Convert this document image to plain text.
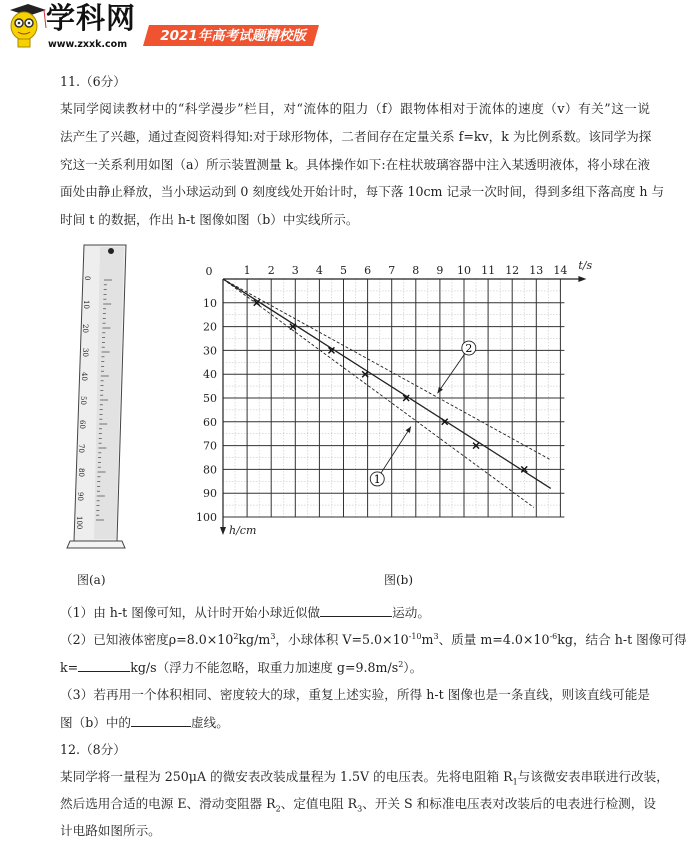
学科网
www.zxxk.com
2021年高考试题精校版
11.（6分）
某同学阅读教材中的“科学漫步”栏目，对“流体的阻力（f）跟物体相对于流体的速度（v）有关”这一说
法产生了兴趣，通过查阅资料得知:对于球形物体，二者间存在定量关系 f=kv，k 为比例系数。该同学为探
究这一关系利用如图（a）所示装置测量 k。具体操作如下:在柱状玻璃容器中注入某透明液体，将小球在液
面处由静止释放，当小球运动到 0 刻度线处开始计时，每下落 10cm 记录一次时间，得到多组下落高度 h 与
时间 t 的数据，作出 h-t 图像如图（b）中实线所示。
0
10
20
30
40
50
60
70
80
90
100
图(a)
2
1
1 2 3 4 5 6 7 8 9 10 11 12 13 14
10
20
30
40
50
60
70
80
90
100
0	t/s
h/cm
图(b)
（1）由 h-t 图像可知，从计时开始小球近似做	运动。
（2）已知液体密度$\rho=8.0\times 10^2kg/m^3$，小球体积 $V=5.0\times 10^{-10}m^3$、质量 $m=4.0\times 10^{-6}kg$，结合 h-t 图像可得
k=	kg/s（浮力不能忽略，取重力加速度 $g=9.8m/s^2$）。
（3）若再用一个体积相同、密度较大的球，重复上述实验，所得 h-t 图像也是一条直线，则该直线可能是
图（b）中的	虚线。
12.（8分）
某同学将一量程为 250μA 的微安表改装成量程为 1.5V 的电压表。先将电阻箱 $R_1$与该微安表串联进行改装，
然后选用合适的电源 E、滑动变阻器 $R_2$、定值电阻 $R_3$、开关 S 和标准电压表对改装后的电表进行检测，设
计电路如图所示。
